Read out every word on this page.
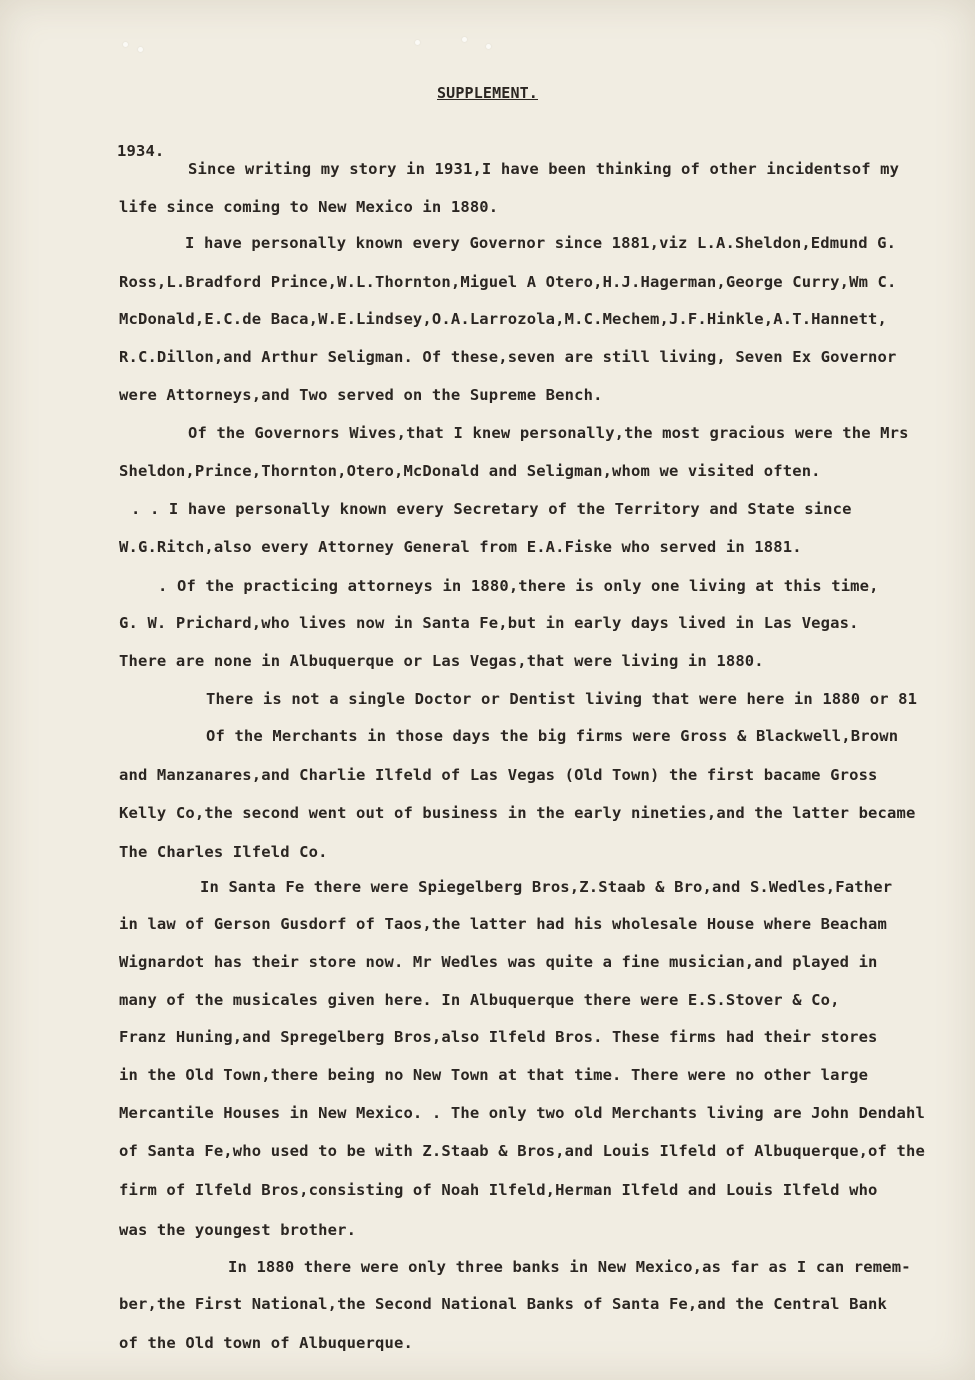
SUPPLEMENT.
1934.
Since writing my story in 1931,I have been thinking of other incidentsof my
life since coming to New Mexico in 1880.
I have personally known every Governor since 1881,viz L.A.Sheldon,Edmund G.
Ross,L.Bradford Prince,W.L.Thornton,Miguel A Otero,H.J.Hagerman,George Curry,Wm C.
McDonald,E.C.de Baca,W.E.Lindsey,O.A.Larrozola,M.C.Mechem,J.F.Hinkle,A.T.Hannett,
R.C.Dillon,and Arthur Seligman. Of these,seven are still living, Seven Ex Governor
were Attorneys,and Two served on the Supreme Bench.
Of the Governors Wives,that I knew personally,the most gracious were the Mrs
Sheldon,Prince,Thornton,Otero,McDonald and Seligman,whom we visited often.
. . I have personally known every Secretary of the Territory and State since
W.G.Ritch,also every Attorney General from E.A.Fiske who served in 1881.
. Of the practicing attorneys in 1880,there is only one living at this time,
G. W. Prichard,who lives now in Santa Fe,but in early days lived in Las Vegas.
There are none in Albuquerque or Las Vegas,that were living in 1880.
There is not a single Doctor or Dentist living that were here in 1880 or 81
Of the Merchants in those days the big firms were Gross & Blackwell,Brown
and Manzanares,and Charlie Ilfeld of Las Vegas (Old Town) the first bacame Gross
Kelly Co,the second went out of business in the early nineties,and the latter became
The Charles Ilfeld Co.
In Santa Fe there were Spiegelberg Bros,Z.Staab & Bro,and S.Wedles,Father
in law of Gerson Gusdorf of Taos,the latter had his wholesale House where Beacham
Wignardot has their store now. Mr Wedles was quite a fine musician,and played in
many of the musicales given here. In Albuquerque there were E.S.Stover & Co,
Franz Huning,and Spregelberg Bros,also Ilfeld Bros. These firms had their stores
in the Old Town,there being no New Town at that time. There were no other large
Mercantile Houses in New Mexico. . The only two old Merchants living are John Dendahl
of Santa Fe,who used to be with Z.Staab & Bros,and Louis Ilfeld of Albuquerque,of the
firm of Ilfeld Bros,consisting of Noah Ilfeld,Herman Ilfeld and Louis Ilfeld who
was the youngest brother.
In 1880 there were only three banks in New Mexico,as far as I can remem-
ber,the First National,the Second National Banks of Santa Fe,and the Central Bank
of the Old town of Albuquerque.
